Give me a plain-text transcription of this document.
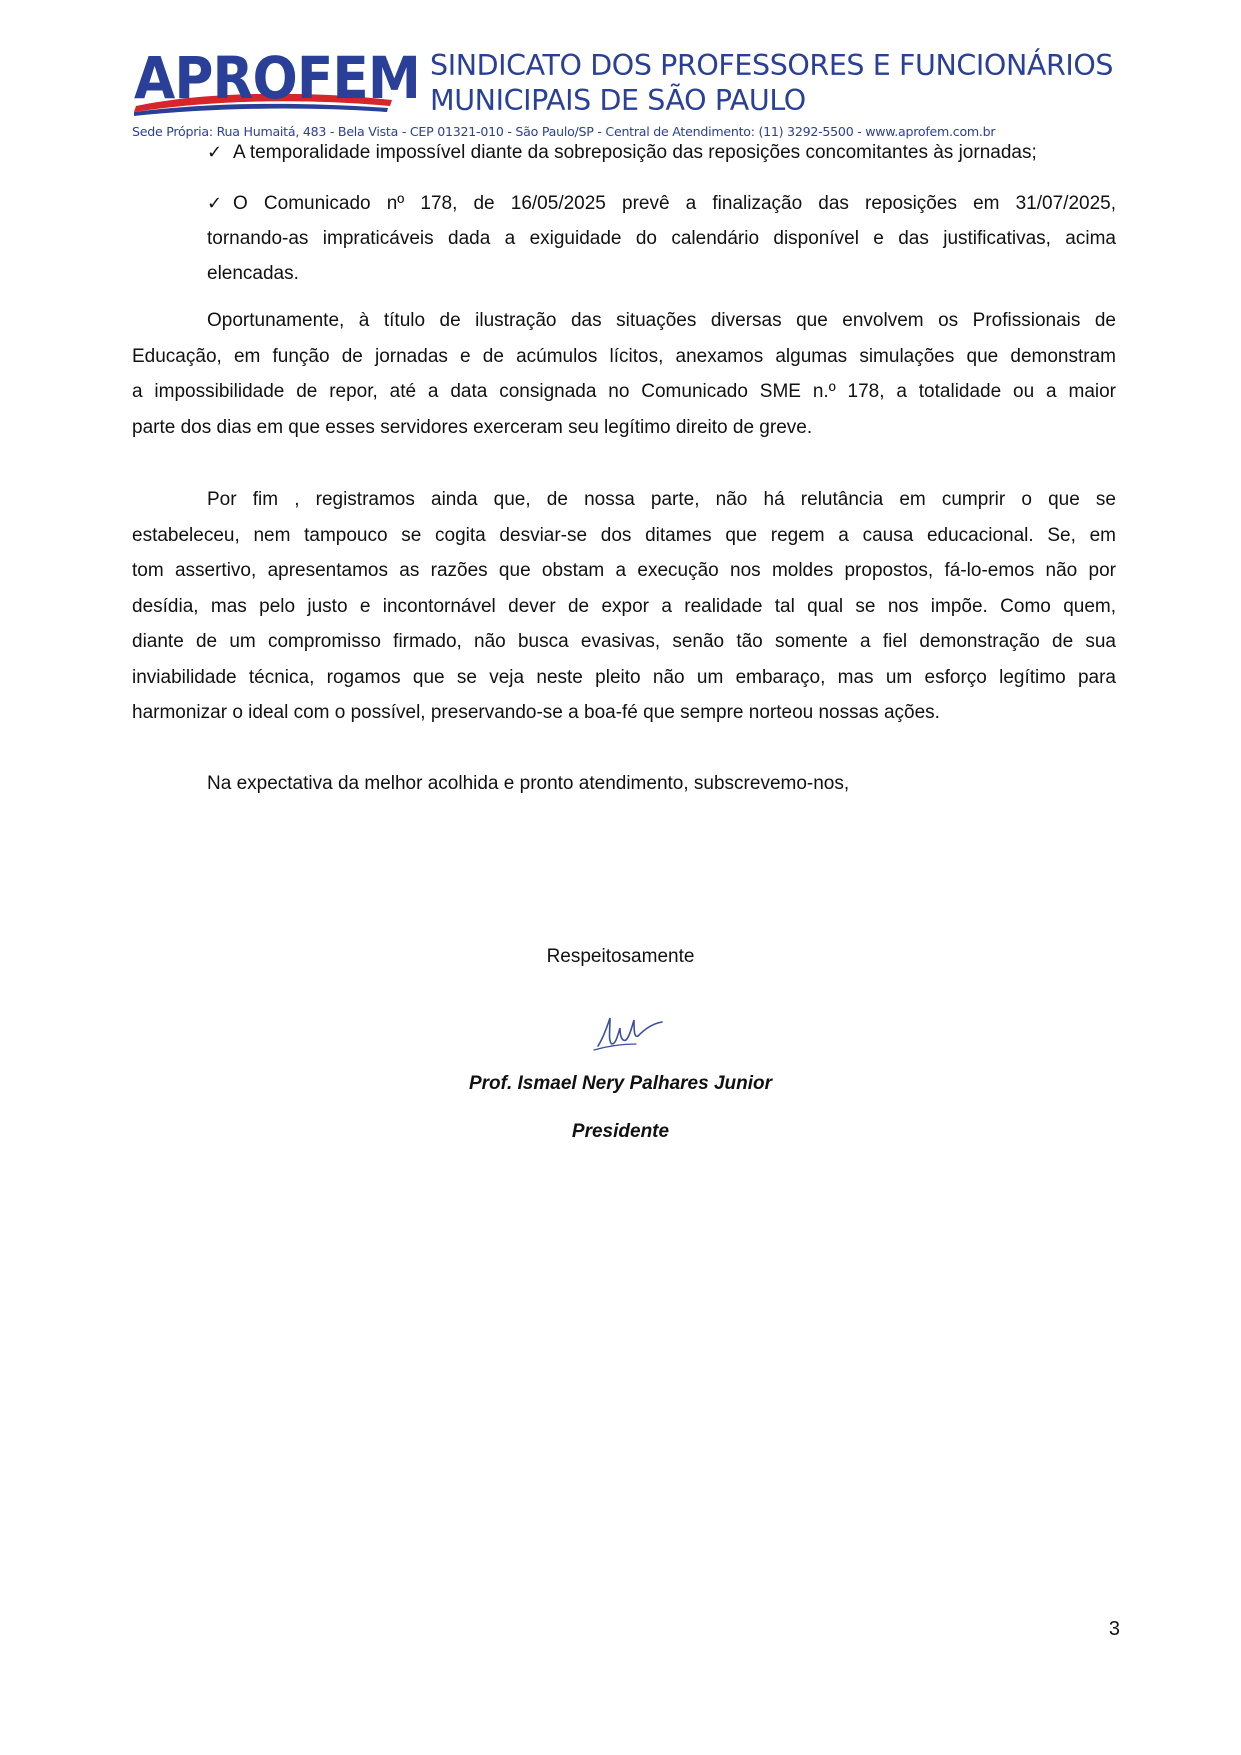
APROFEM SINDICATO DOS PROFESSORES E FUNCIONÁRIOS
MUNICIPAIS DE SÃO PAULO
Sede Própria: Rua Humaitá, 483 - Bela Vista - CEP 01321-010 - São Paulo/SP - Central de Atendimento: (11) 3292-5500 - www.aprofem.com.br
✓ A temporalidade impossível diante da sobreposição das reposições concomitantes às jornadas;
✓ O Comunicado nº 178, de 16/05/2025 prevê a finalização das reposições em 31/07/2025,
tornando-as impraticáveis dada a exiguidade do calendário disponível e das justificativas, acima
elencadas.
Oportunamente, à título de ilustração das situações diversas que envolvem os Profissionais de
Educação, em função de jornadas e de acúmulos lícitos, anexamos algumas simulações que demonstram
a impossibilidade de repor, até a data consignada no Comunicado SME n.º 178, a totalidade ou a maior
parte dos dias em que esses servidores exerceram seu legítimo direito de greve.
Por fim , registramos ainda que, de nossa parte, não há relutância em cumprir o que se
estabeleceu, nem tampouco se cogita desviar-se dos ditames que regem a causa educacional. Se, em
tom assertivo, apresentamos as razões que obstam a execução nos moldes propostos, fá-lo-emos não por
desídia, mas pelo justo e incontornável dever de expor a realidade tal qual se nos impõe. Como quem,
diante de um compromisso firmado, não busca evasivas, senão tão somente a fiel demonstração de sua
inviabilidade técnica, rogamos que se veja neste pleito não um embaraço, mas um esforço legítimo para
harmonizar o ideal com o possível, preservando-se a boa-fé que sempre norteou nossas ações.
Na expectativa da melhor acolhida e pronto atendimento, subscrevemo-nos,
Respeitosamente
Prof. Ismael Nery Palhares Junior
Presidente
3
